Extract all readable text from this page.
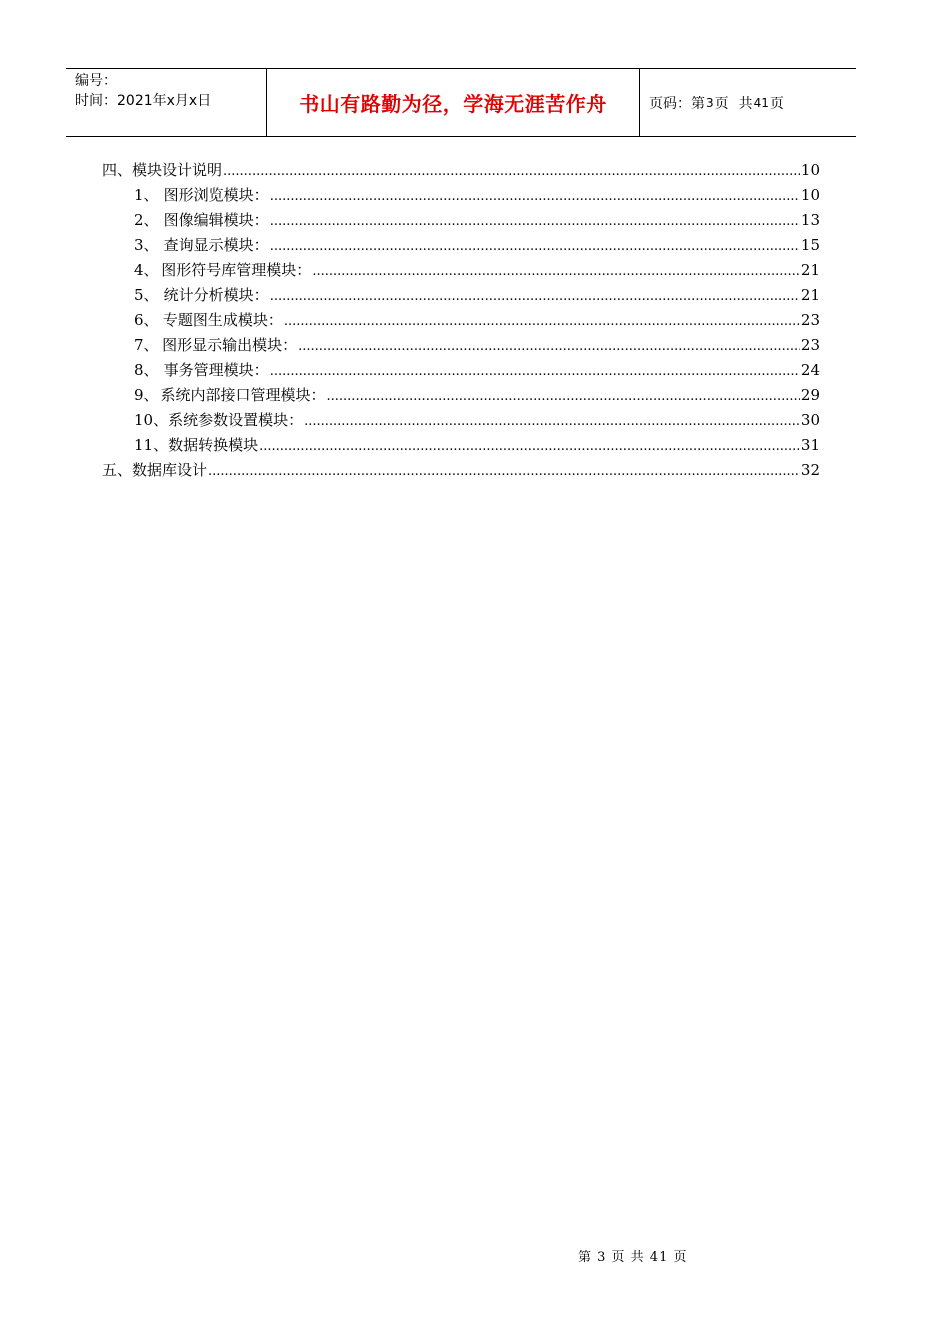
编号：
时间：2021年x月x日	书山有路勤为径，学海无涯苦作舟	页码：第 3 页 共 41 页
四、模块设计说明 .....	10
1、 图形浏览模块： .....	10
2、 图像编辑模块： .....	13
3、 查询显示模块： .....	15
4、 图形符号库管理模块： .....	21
5、 统计分析模块： .....	21
6、 专题图生成模块： .....	23
7、 图形显示输出模块： .....	23
8、 事务管理模块： .....	24
9、 系统内部接口管理模块： .....	29
10、 系统参数设置模块： .....	30
11、 数据转换模块 .....	31
五、数据库设计 .....	32
第 3 页 共 41 页
